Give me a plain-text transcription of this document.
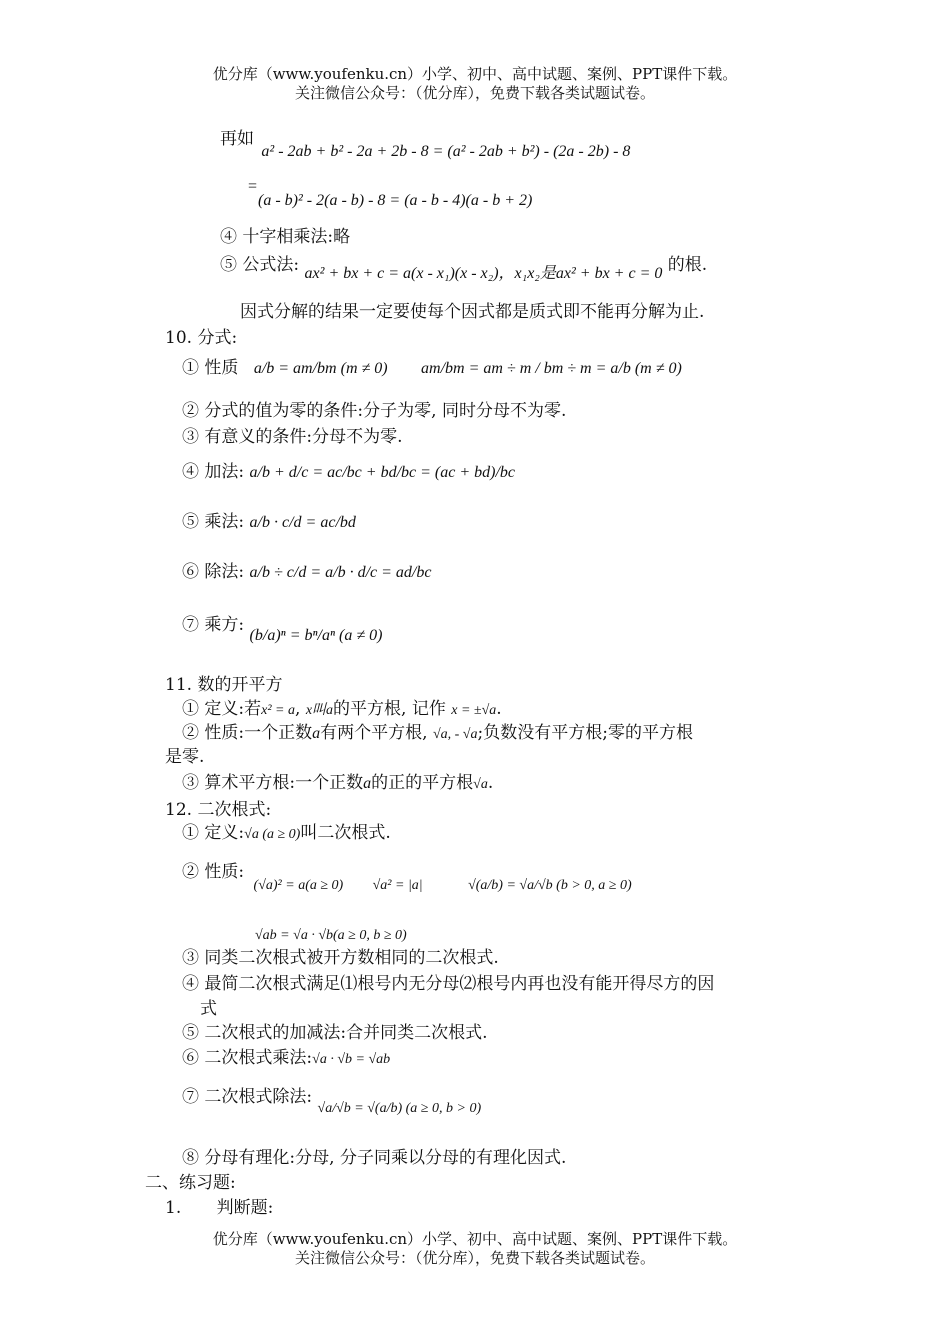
优分库（www.youfenku.cn）小学、初中、高中试题、案例、PPT课件下载。
关注微信公众号：（优分库），免费下载各类试题试卷。
再如 a² - 2ab + b² - 2a + 2b - 8 = (a² - 2ab + b²) - (2a - 2b) - 8
=
(a - b)² - 2(a - b) - 8 = (a - b - 4)(a - b + 2)
④ 十字相乘法:略
⑤ 公式法: ax² + bx + c = a(x - x₁)(x - x₂)，x₁x₂是ax² + bx + c = 0 的根.
因式分解的结果一定要使每个因式都是质式即不能再分解为止.
10. 分式:
① 性质 a/b = am/bm (m ≠ 0) am/bm = am ÷ m / bm ÷ m = a/b (m ≠ 0)
② 分式的值为零的条件:分子为零, 同时分母不为零.
③ 有意义的条件:分母不为零.
④ 加法: a/b + d/c = ac/bc + bd/bc = (ac + bd)/bc
⑤ 乘法: a/b · c/d = ac/bd
⑥ 除法: a/b ÷ c/d = a/b · d/c = ad/bc
⑦ 乘方: (b/a)ⁿ = bⁿ/aⁿ (a ≠ 0)
11. 数的开平方
① 定义:若x² = a, x叫a的平方根, 记作 x = ±√a.
② 性质:一个正数a有两个平方根, √a, - √a;负数没有平方根;零的平方根
是零.
③ 算术平方根:一个正数a的正的平方根√a.
12. 二次根式:
① 定义:√a (a ≥ 0)叫二次根式.
② 性质: $_{(√a)^2 = a(a \ge 0)}$ $_{√a^2 = |a|}$	$_{√(a/b) = √a/√b (b > 0, a \ge 0)}$
√ab = √a · √b(a ≥ 0, b ≥ 0)
③ 同类二次根式被开方数相同的二次根式.
④ 最简二次根式满足⑴根号内无分母⑵根号内再也没有能开得尽方的因
式
⑤ 二次根式的加减法:合并同类二次根式.
⑥ 二次根式乘法:√a · √b = √ab
⑦ 二次根式除法: $_{√a/√b = √(a/b) (a \ge 0, b > 0)}$
⑧ 分母有理化:分母, 分子同乘以分母的有理化因式.
二、练习题:
1. 判断题:
优分库（www.youfenku.cn）小学、初中、高中试题、案例、PPT课件下载。
关注微信公众号：（优分库），免费下载各类试题试卷。
